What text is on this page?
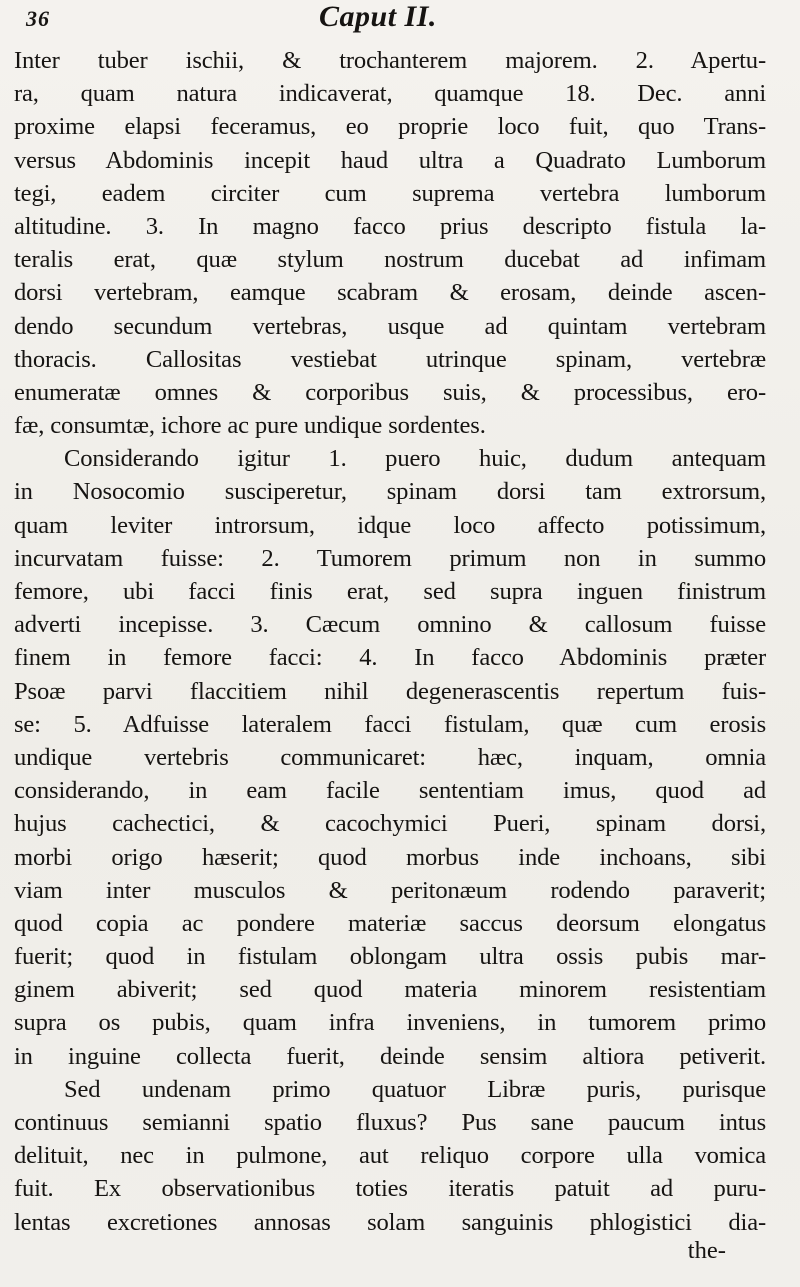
36	Caput II.
Inter tuber ischii, & trochanterem majorem. 2. Apertu-
ra, quam natura indicaverat, quamque 18. Dec. anni
proxime elapsi feceramus, eo proprie loco fuit, quo Trans-
versus Abdominis incepit haud ultra a Quadrato Lumborum
tegi, eadem circiter cum suprema vertebra lumborum
altitudine. 3. In magno facco prius descripto fistula la-
teralis erat, quæ stylum nostrum ducebat ad infimam
dorsi vertebram, eamque scabram & erosam, deinde ascen-
dendo secundum vertebras, usque ad quintam vertebram
thoracis. Callositas vestiebat utrinque spinam, vertebræ
enumeratæ omnes & corporibus suis, & processibus, ero-
fæ, consumtæ, ichore ac pure undique sordentes.
Considerando igitur 1. puero huic, dudum antequam
in Nosocomio susciperetur, spinam dorsi tam extrorsum,
quam leviter introrsum, idque loco affecto potissimum,
incurvatam fuisse: 2. Tumorem primum non in summo
femore, ubi facci finis erat, sed supra inguen finistrum
adverti incepisse. 3. Cæcum omnino & callosum fuisse
finem in femore facci: 4. In facco Abdominis præter
Psoæ parvi flaccitiem nihil degenerascentis repertum fuis-
se: 5. Adfuisse lateralem facci fistulam, quæ cum erosis
undique vertebris communicaret: hæc, inquam, omnia
considerando, in eam facile sententiam imus, quod ad
hujus cachectici, & cacochymici Pueri, spinam dorsi,
morbi origo hæserit; quod morbus inde inchoans, sibi
viam inter musculos & peritonæum rodendo paraverit;
quod copia ac pondere materiæ saccus deorsum elongatus
fuerit; quod in fistulam oblongam ultra ossis pubis mar-
ginem abiverit; sed quod materia minorem resistentiam
supra os pubis, quam infra inveniens, in tumorem primo
in inguine collecta fuerit, deinde sensim altiora petiverit.
Sed undenam primo quatuor Libræ puris, purisque
continuus semianni spatio fluxus? Pus sane paucum intus
delituit, nec in pulmone, aut reliquo corpore ulla vomica
fuit. Ex observationibus toties iteratis patuit ad puru-
lentas excretiones annosas solam sanguinis phlogistici dia-
the-
